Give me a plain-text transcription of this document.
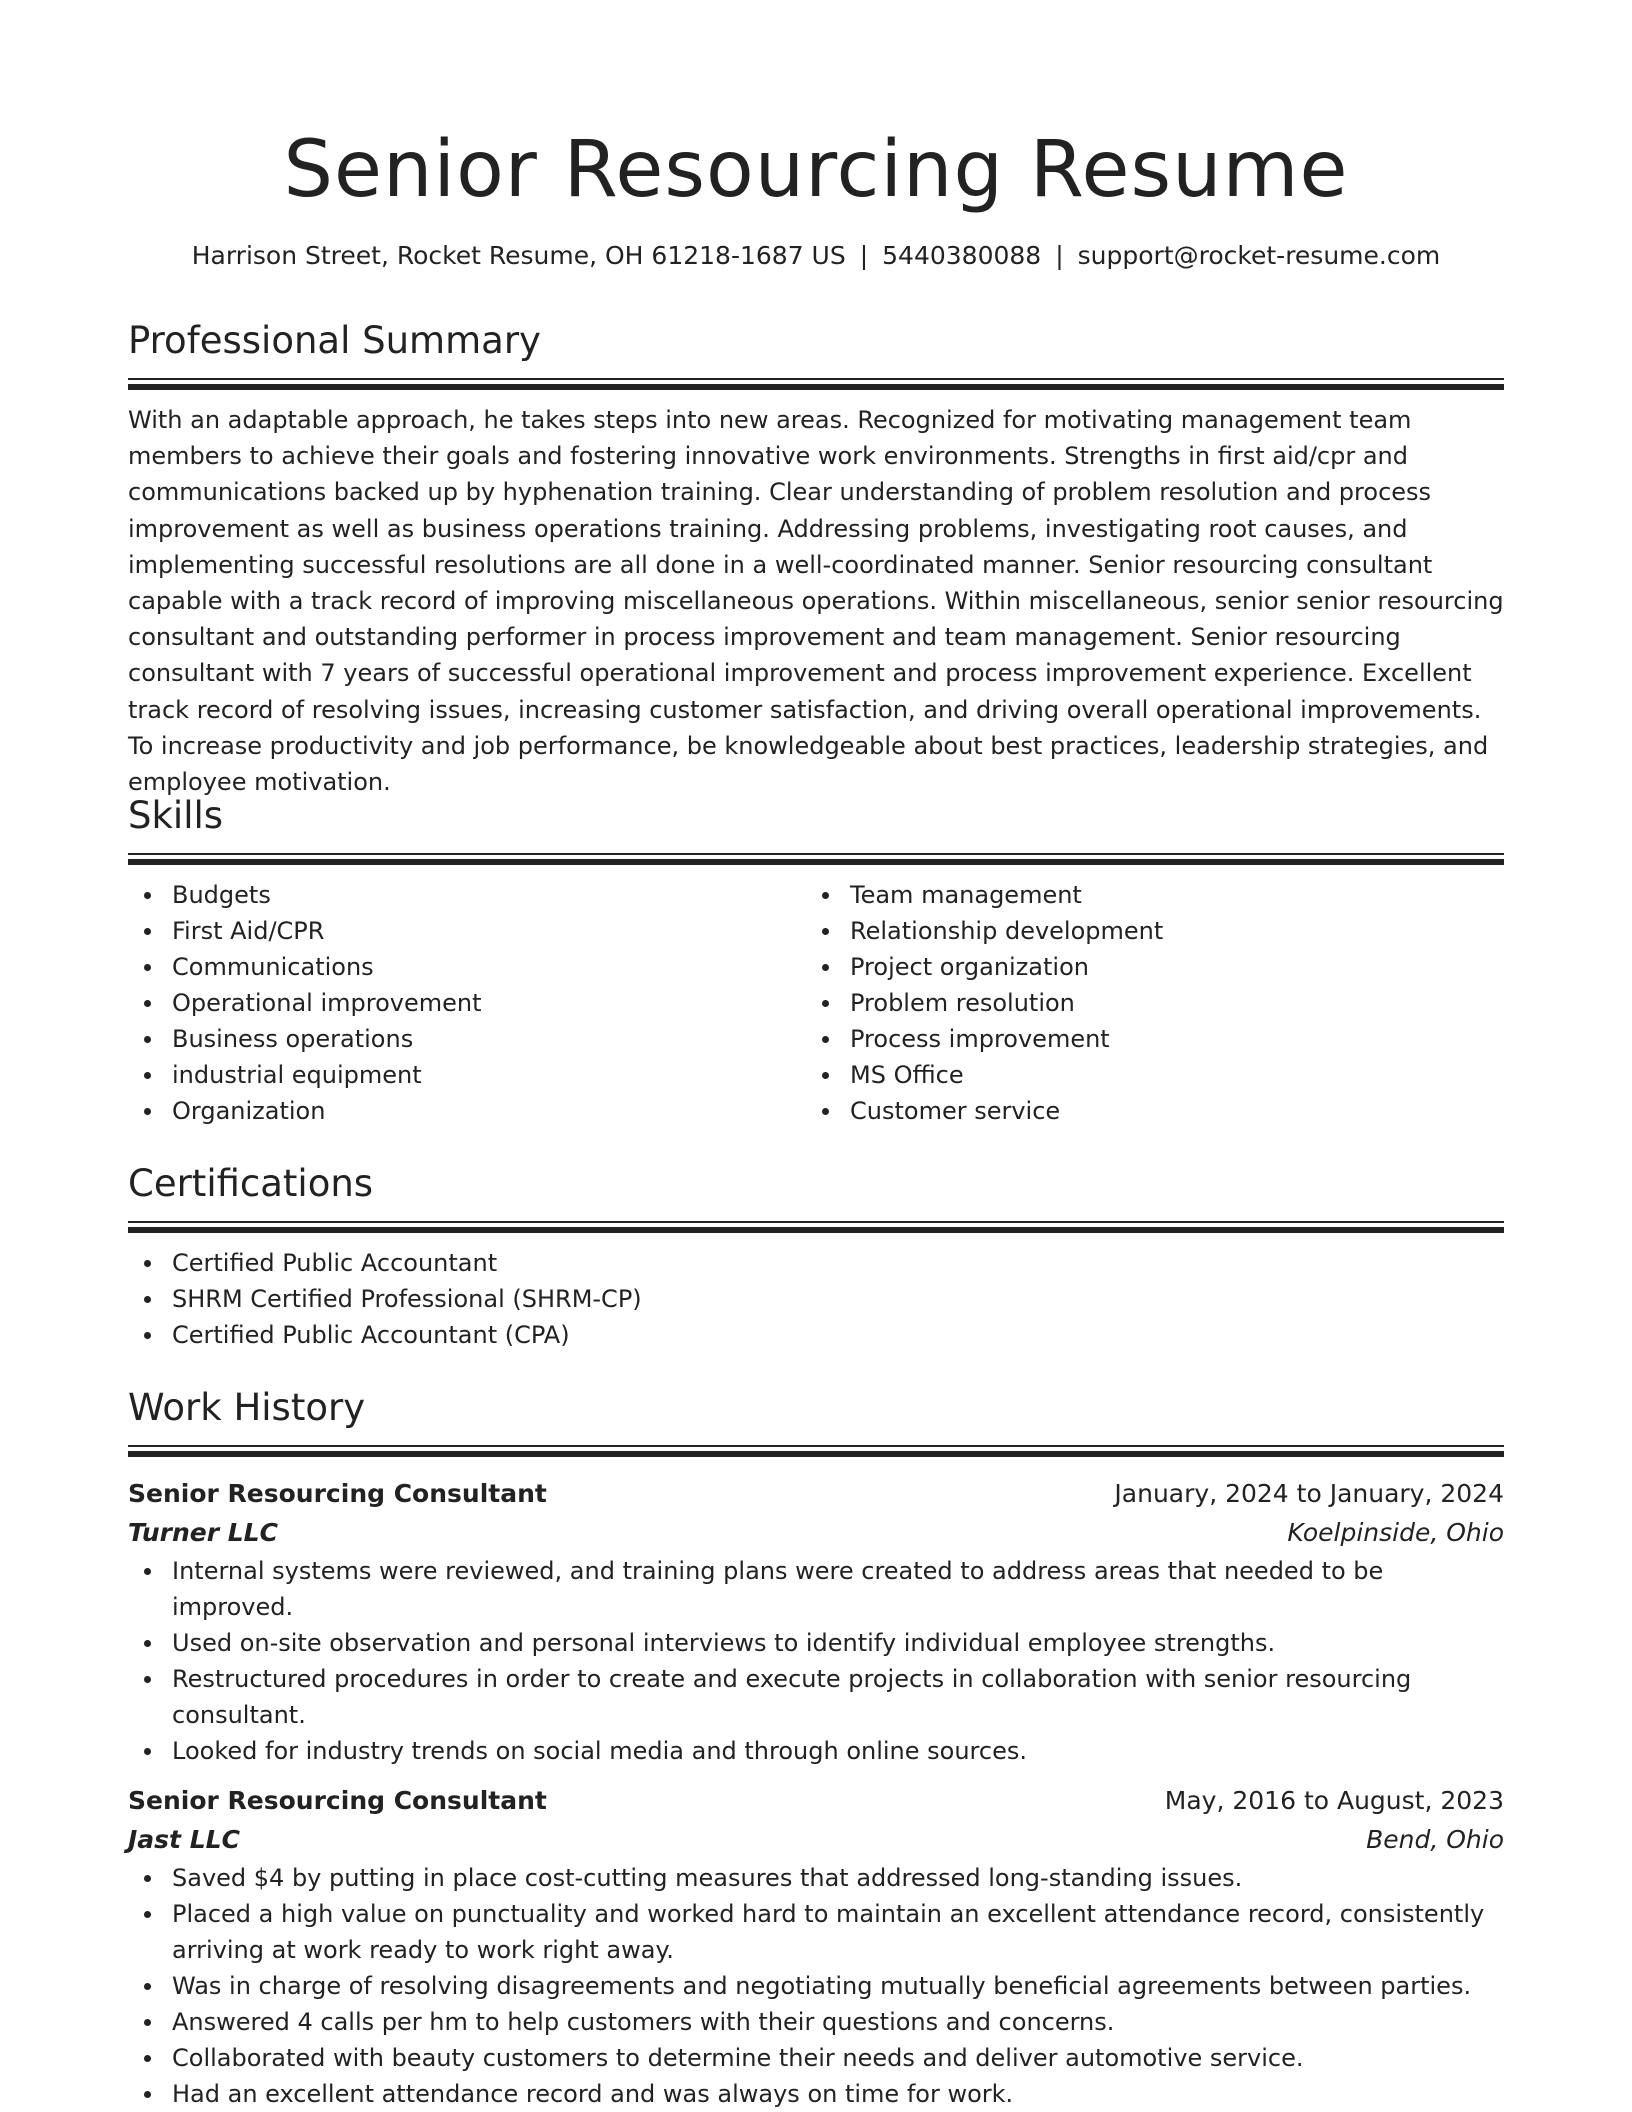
Senior Resourcing Resume
Harrison Street, Rocket Resume, OH 61218-1687 US | 5440380088 | support@rocket-resume.com
Professional Summary

With an adaptable approach, he takes steps into new areas. Recognized for motivating management team members to achieve their goals and fostering innovative work environments. Strengths in first aid/cpr and communications backed up by hyphenation training. Clear understanding of problem resolution and process improvement as well as business operations training. Addressing problems, investigating root causes, and implementing successful resolutions are all done in a well-coordinated manner. Senior resourcing consultant capable with a track record of improving miscellaneous operations. Within miscellaneous, senior senior resourcing consultant and outstanding performer in process improvement and team management. Senior resourcing consultant with 7 years of successful operational improvement and process improvement experience. Excellent track record of resolving issues, increasing customer satisfaction, and driving overall operational improvements. To increase productivity and job performance, be knowledgeable about best practices, leadership strategies, and employee motivation.

Skills
Budgets
First Aid/CPR
Communications
Operational improvement
Business operations
industrial equipment
Organization
Team management
Relationship development
Project organization
Problem resolution
Process improvement
MS Office
Customer service
Certifications
Certified Public Accountant
SHRM Certified Professional (SHRM-CP)
Certified Public Accountant (CPA)
Work History
Senior Resourcing Consultant	January, 2024 to January, 2024
Turner LLC	Koelpinside, Ohio
Internal systems were reviewed, and training plans were created to address areas that needed to be improved.
Used on-site observation and personal interviews to identify individual employee strengths.
Restructured procedures in order to create and execute projects in collaboration with senior resourcing consultant.
Looked for industry trends on social media and through online sources.
Senior Resourcing Consultant	May, 2016 to August, 2023
Jast LLC	Bend, Ohio
Saved $4 by putting in place cost-cutting measures that addressed long-standing issues.
Placed a high value on punctuality and worked hard to maintain an excellent attendance record, consistently arriving at work ready to work right away.
Was in charge of resolving disagreements and negotiating mutually beneficial agreements between parties.
Answered 4 calls per hm to help customers with their questions and concerns.
Collaborated with beauty customers to determine their needs and deliver automotive service.
Had an excellent attendance record and was always on time for work.
